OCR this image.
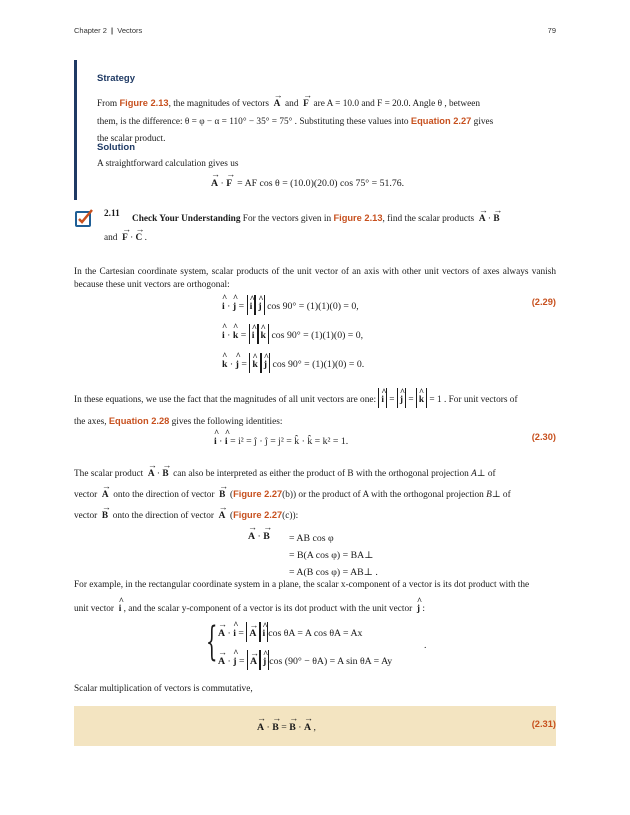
Chapter 2 | Vectors	79
Strategy
From Figure 2.13, the magnitudes of vectors → A and → F are A = 10.0 and F = 20.0. Angle θ , between
them, is the difference: θ = φ − α = 110° − 35° = 75° . Substituting these values into Equation 2.27 gives
the scalar product.
Solution
A straightforward calculation gives us
→ A · → F = AF cos θ = (10.0)(20.0) cos 75° = 51.76.
2.11 Check Your Understanding For the vectors given in Figure 2.13, find the scalar products → A · → B
and → F · → C .
In the Cartesian coordinate system, scalar products of the unit vector of an axis with other unit vectors of axes always vanish because these unit vectors are orthogonal:
^ i · ^ j = ^ i ^ j cos 90° = (1)(1)(0) = 0,	(2.29)
^ i · ^ k = ^ i ^ k cos 90° = (1)(1)(0) = 0,
^ k · ^ j = ^ k ^ j cos 90° = (1)(1)(0) = 0.
In these equations, we use the fact that the magnitudes of all unit vectors are one: ^ i = ^ j = ^ k = 1 . For unit vectors of
the axes, Equation 2.28 gives the following identities:
^ i · ^ i = i² = ĵ · ĵ = j² = k̂ · k̂ = k² = 1.	(2.30)
The scalar product → A · → B can also be interpreted as either the product of B with the orthogonal projection A⊥ of
vector → A onto the direction of vector → B  (Figure 2.27(b)) or the product of A with the orthogonal projection B⊥ of
vector → B onto the direction of vector → A  (Figure 2.27(c)):
→ A · → B = AB cos φ
= B(A cos φ) = BA⊥
= A(B cos φ) = AB⊥ .
For example, in the rectangular coordinate system in a plane, the scalar x-component of a vector is its dot product with the
unit vector ^ i , and the scalar y-component of a vector is its dot product with the unit vector ^ j :
{ → A · ^ i = → A ^ i cos θA = A cos θA = Ax
→ A · ^ j = → A ^ j cos (90° − θA) = A sin θA = Ay
.
Scalar multiplication of vectors is commutative,
→ A · → B = → B · → A ,	(2.31)
